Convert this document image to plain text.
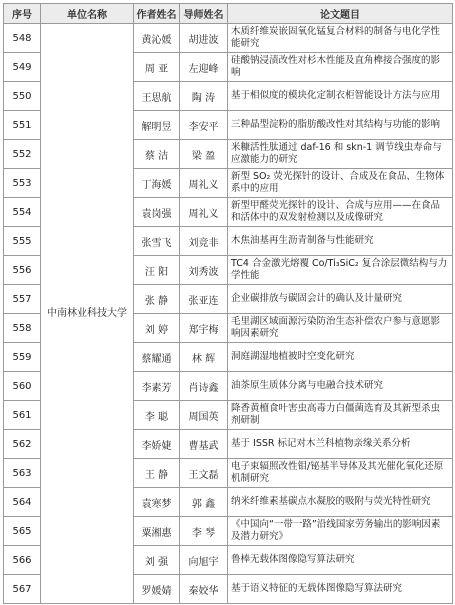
序号	单位名称	作者姓名	导师姓名	论文题目
548	中南林业科技大学	黄沁媛	胡进波	木质纤维炭嵌固氧化锰复合材料的制备与电化学性能研究
549		周 亚	左迎峰	硅酸钠浸渍改性对杉木性能及直角榫接合强度的影响
550		王思航	陶 涛	基于相似度的模块化定制衣柜智能设计方法与应用
551		解明昱	李安平	三种晶型淀粉的脂肪酸改性对其结构与功能的影响
552		蔡 洁	梁 盈	米糠活性肽通过 daf-16 和 skn-1 调节线虫寿命与应激能力的研究
553		丁海媛	周礼义	新型 SO₂ 荧光探针的设计、合成及在食品、生物体系中的应用
554		袁岗强	周礼义	新型甲醛荧光探针的设计、合成与应用——在食品和活体中的双发射检测以及成像研究
555		张雪飞	刘竞非	木焦油基再生沥青制备与性能研究
556		汪 阳	刘秀波	TC4 合金激光熔覆 Co/Ti₃SiC₂ 复合涂层微结构与力学性能
557		张 静	张亚连	企业碳排放与碳固会计的确认及计量研究
558		刘 婷	郑宇梅	毛里湖区域面源污染防治生态补偿农户参与意愿影响因素研究
559		蔡耀通	林 辉	洞庭湖湿地植被时空变化研究
560		李素芳	肖诗鑫	油茶原生质体分离与电融合技术研究
561		李 聪	周国英	降香黄檀食叶害虫高毒力白僵菌选育及其新型杀虫剂研制
562		李娇婕	曹基武	基于 ISSR 标记对木兰科植物亲缘关系分析
563		王 静	王文磊	电子束辐照改性钼/铋基半导体及其光催化氧化还原机制研究
564		袁寒梦	郭 鑫	纳米纤维素基碳点水凝胶的吸附与荧光特性研究
565		粟湘惠	李 琴	《中国向“一带一路”沿线国家劳务输出的影响因素及潜力研究》
566		刘 强	向旭宇	鲁棒无载体图像隐写算法研究
567		罗媛婧	秦姣华	基于语义特征的无载体图像隐写算法研究
